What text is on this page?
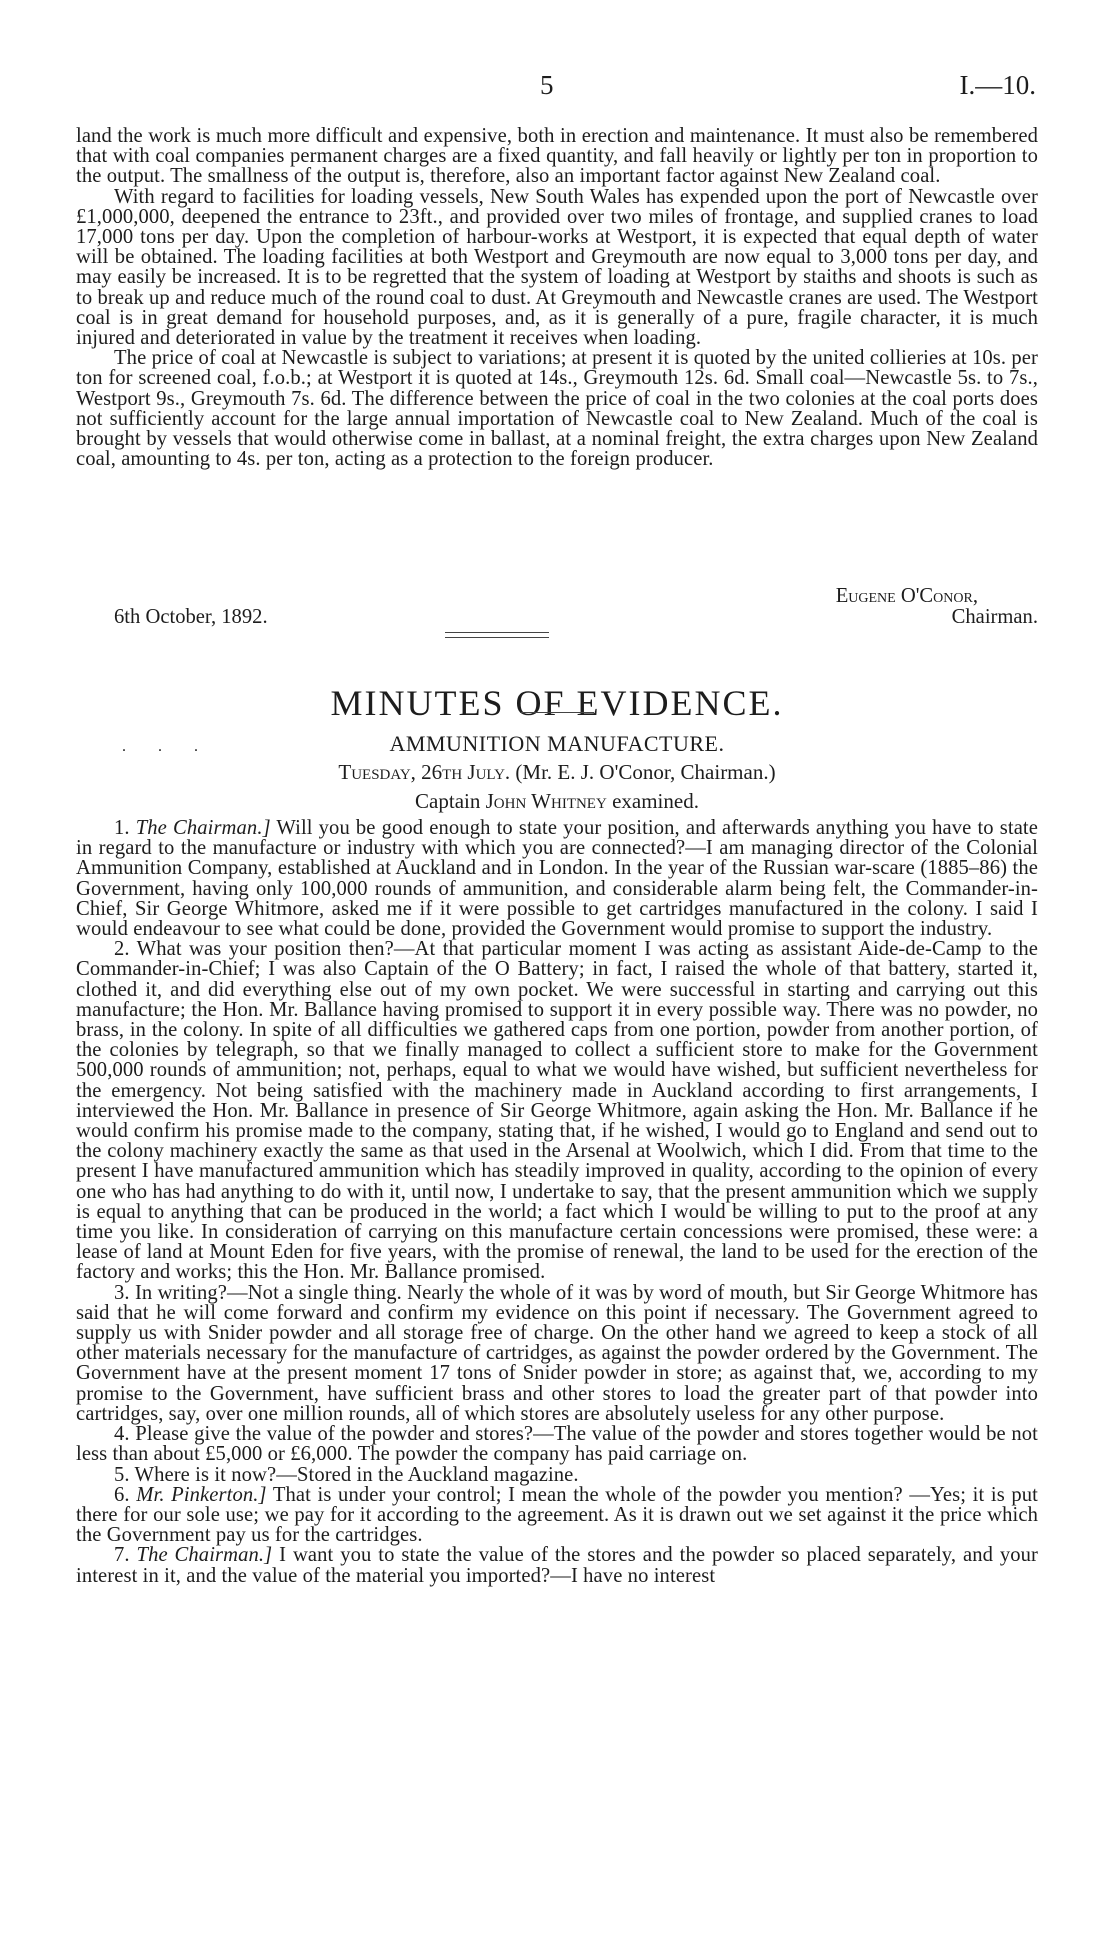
5	I.—10.

land the work is much more difficult and expensive, both in erection and maintenance. It must also be remembered that with coal companies permanent charges are a fixed quantity, and fall heavily or lightly per ton in proportion to the output. The smallness of the output is, therefore, also an important factor against New Zealand coal.

With regard to facilities for loading vessels, New South Wales has expended upon the port of Newcastle over £1,000,000, deepened the entrance to 23ft., and provided over two miles of frontage, and supplied cranes to load 17,000 tons per day. Upon the completion of harbour-works at Westport, it is expected that equal depth of water will be obtained. The loading facilities at both Westport and Greymouth are now equal to 3,000 tons per day, and may easily be increased. It is to be regretted that the system of loading at Westport by staiths and shoots is such as to break up and reduce much of the round coal to dust. At Greymouth and Newcastle cranes are used. The Westport coal is in great demand for household purposes, and, as it is generally of a pure, fragile character, it is much injured and deteriorated in value by the treatment it receives when loading.

The price of coal at Newcastle is subject to variations; at present it is quoted by the united collieries at 10s. per ton for screened coal, f.o.b.; at Westport it is quoted at 14s., Greymouth 12s. 6d. Small coal—Newcastle 5s. to 7s., Westport 9s., Greymouth 7s. 6d. The difference between the price of coal in the two colonies at the coal ports does not sufficiently account for the large annual importation of Newcastle coal to New Zealand. Much of the coal is brought by vessels that would otherwise come in ballast, at a nominal freight, the extra charges upon New Zealand coal, amounting to 4s. per ton, acting as a protection to the foreign producer.

Eugene O'Conor,
6th October, 1892.	Chairman.
MINUTES OF EVIDENCE.
. . .	AMMUNITION MANUFACTURE.
Tuesday, 26th July. (Mr. E. J. O'Conor, Chairman.)
Captain John Whitney examined.

1. The Chairman.] Will you be good enough to state your position, and afterwards anything you have to state in regard to the manufacture or industry with which you are connected?—I am managing director of the Colonial Ammunition Company, established at Auckland and in London. In the year of the Russian war-scare (1885–86) the Government, having only 100,000 rounds of ammunition, and considerable alarm being felt, the Commander-in-Chief, Sir George Whitmore, asked me if it were possible to get cartridges manufactured in the colony. I said I would endeavour to see what could be done, provided the Government would promise to support the industry.

2. What was your position then?—At that particular moment I was acting as assistant Aide-de-Camp to the Commander-in-Chief; I was also Captain of the O Battery; in fact, I raised the whole of that battery, started it, clothed it, and did everything else out of my own pocket. We were successful in starting and carrying out this manufacture; the Hon. Mr. Ballance having promised to support it in every possible way. There was no powder, no brass, in the colony. In spite of all difficulties we gathered caps from one portion, powder from another portion, of the colonies by telegraph, so that we finally managed to collect a sufficient store to make for the Government 500,000 rounds of ammunition; not, perhaps, equal to what we would have wished, but sufficient nevertheless for the emergency. Not being satisfied with the machinery made in Auckland according to first arrangements, I interviewed the Hon. Mr. Ballance in presence of Sir George Whitmore, again asking the Hon. Mr. Ballance if he would confirm his promise made to the company, stating that, if he wished, I would go to England and send out to the colony machinery exactly the same as that used in the Arsenal at Woolwich, which I did. From that time to the present I have manufactured ammunition which has steadily improved in quality, according to the opinion of every one who has had anything to do with it, until now, I undertake to say, that the present ammunition which we supply is equal to anything that can be produced in the world; a fact which I would be willing to put to the proof at any time you like. In consideration of carrying on this manufacture certain concessions were promised, these were: a lease of land at Mount Eden for five years, with the promise of renewal, the land to be used for the erection of the factory and works; this the Hon. Mr. Ballance promised.

3. In writing?—Not a single thing. Nearly the whole of it was by word of mouth, but Sir George Whitmore has said that he will come forward and confirm my evidence on this point if necessary. The Government agreed to supply us with Snider powder and all storage free of charge. On the other hand we agreed to keep a stock of all other materials necessary for the manufacture of cartridges, as against the powder ordered by the Government. The Government have at the present moment 17 tons of Snider powder in store; as against that, we, according to my promise to the Government, have sufficient brass and other stores to load the greater part of that powder into cartridges, say, over one million rounds, all of which stores are absolutely useless for any other purpose.

4. Please give the value of the powder and stores?—The value of the powder and stores together would be not less than about £5,000 or £6,000. The powder the company has paid carriage on.

5. Where is it now?—Stored in the Auckland magazine.

6. Mr. Pinkerton.] That is under your control; I mean the whole of the powder you mention? —Yes; it is put there for our sole use; we pay for it according to the agreement. As it is drawn out we set against it the price which the Government pay us for the cartridges.

7. The Chairman.] I want you to state the value of the stores and the powder so placed separately, and your interest in it, and the value of the material you imported?—I have no interest
